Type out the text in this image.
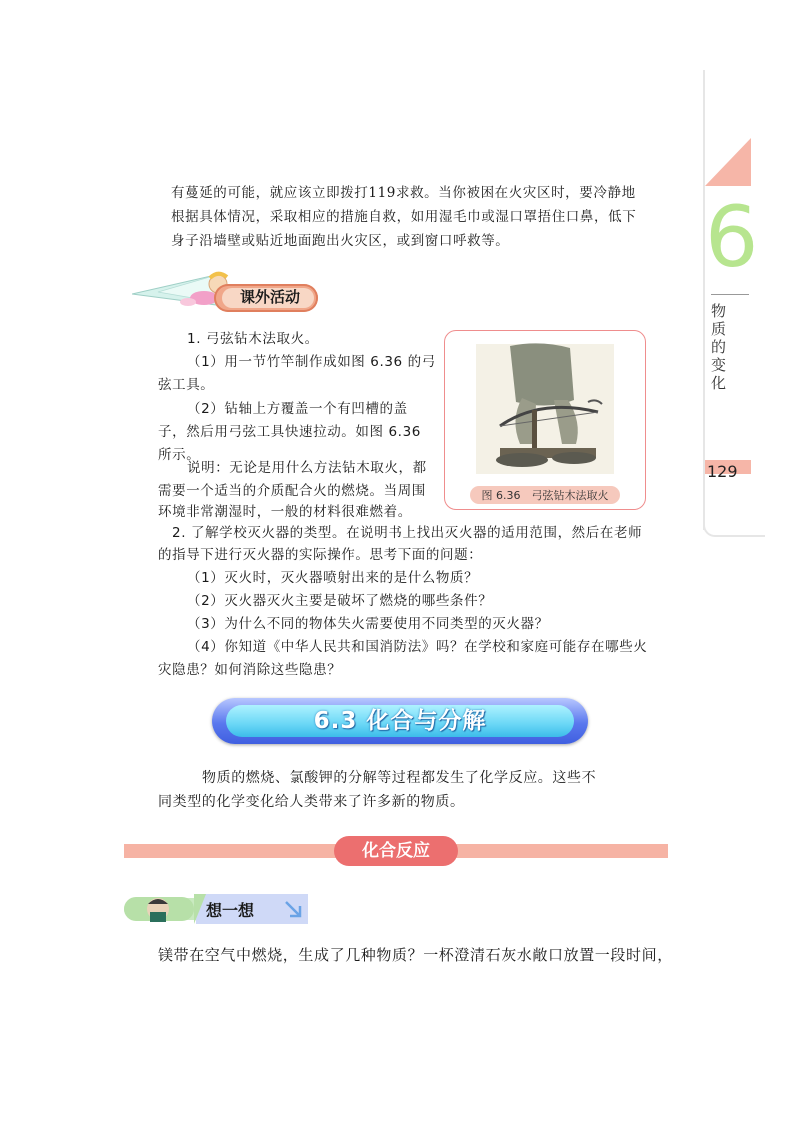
有蔓延的可能，就应该立即拨打119求救。当你被困在火灾区时，要冷静地
根据具体情况，采取相应的措施自救，如用湿毛巾或湿口罩捂住口鼻，低下
身子沿墙壁或贴近地面跑出火灾区，或到窗口呼救等。 6
物质的变化
129
课外活动
1. 弓弦钻木法取火。
（1）用一节竹竿制作成如图 6.36 的弓
弦工具。
（2）钻轴上方覆盖一个有凹槽的盖
子，然后用弓弦工具快速拉动。如图 6.36
所示。
说明：无论是用什么方法钻木取火，都
需要一个适当的介质配合火的燃烧。当周围
环境非常潮湿时，一般的材料很难燃着。
2. 了解学校灭火器的类型。在说明书上找出灭火器的适用范围，然后在老师
的指导下进行灭火器的实际操作。思考下面的问题：
（1）灭火时，灭火器喷射出来的是什么物质？
（2）灭火器灭火主要是破坏了燃烧的哪些条件？
（3）为什么不同的物体失火需要使用不同类型的灭火器？
（4）你知道《中华人民共和国消防法》吗？在学校和家庭可能存在哪些火
灾隐患？如何消除这些隐患？
图 6.36　弓弦钻木法取火
6.3 化合与分解
物质的燃烧、氯酸钾的分解等过程都发生了化学反应。这些不
同类型的化学变化给人类带来了许多新的物质。
化合反应
想一想
镁带在空气中燃烧，生成了几种物质？一杯澄清石灰水敞口放置一段时间，
